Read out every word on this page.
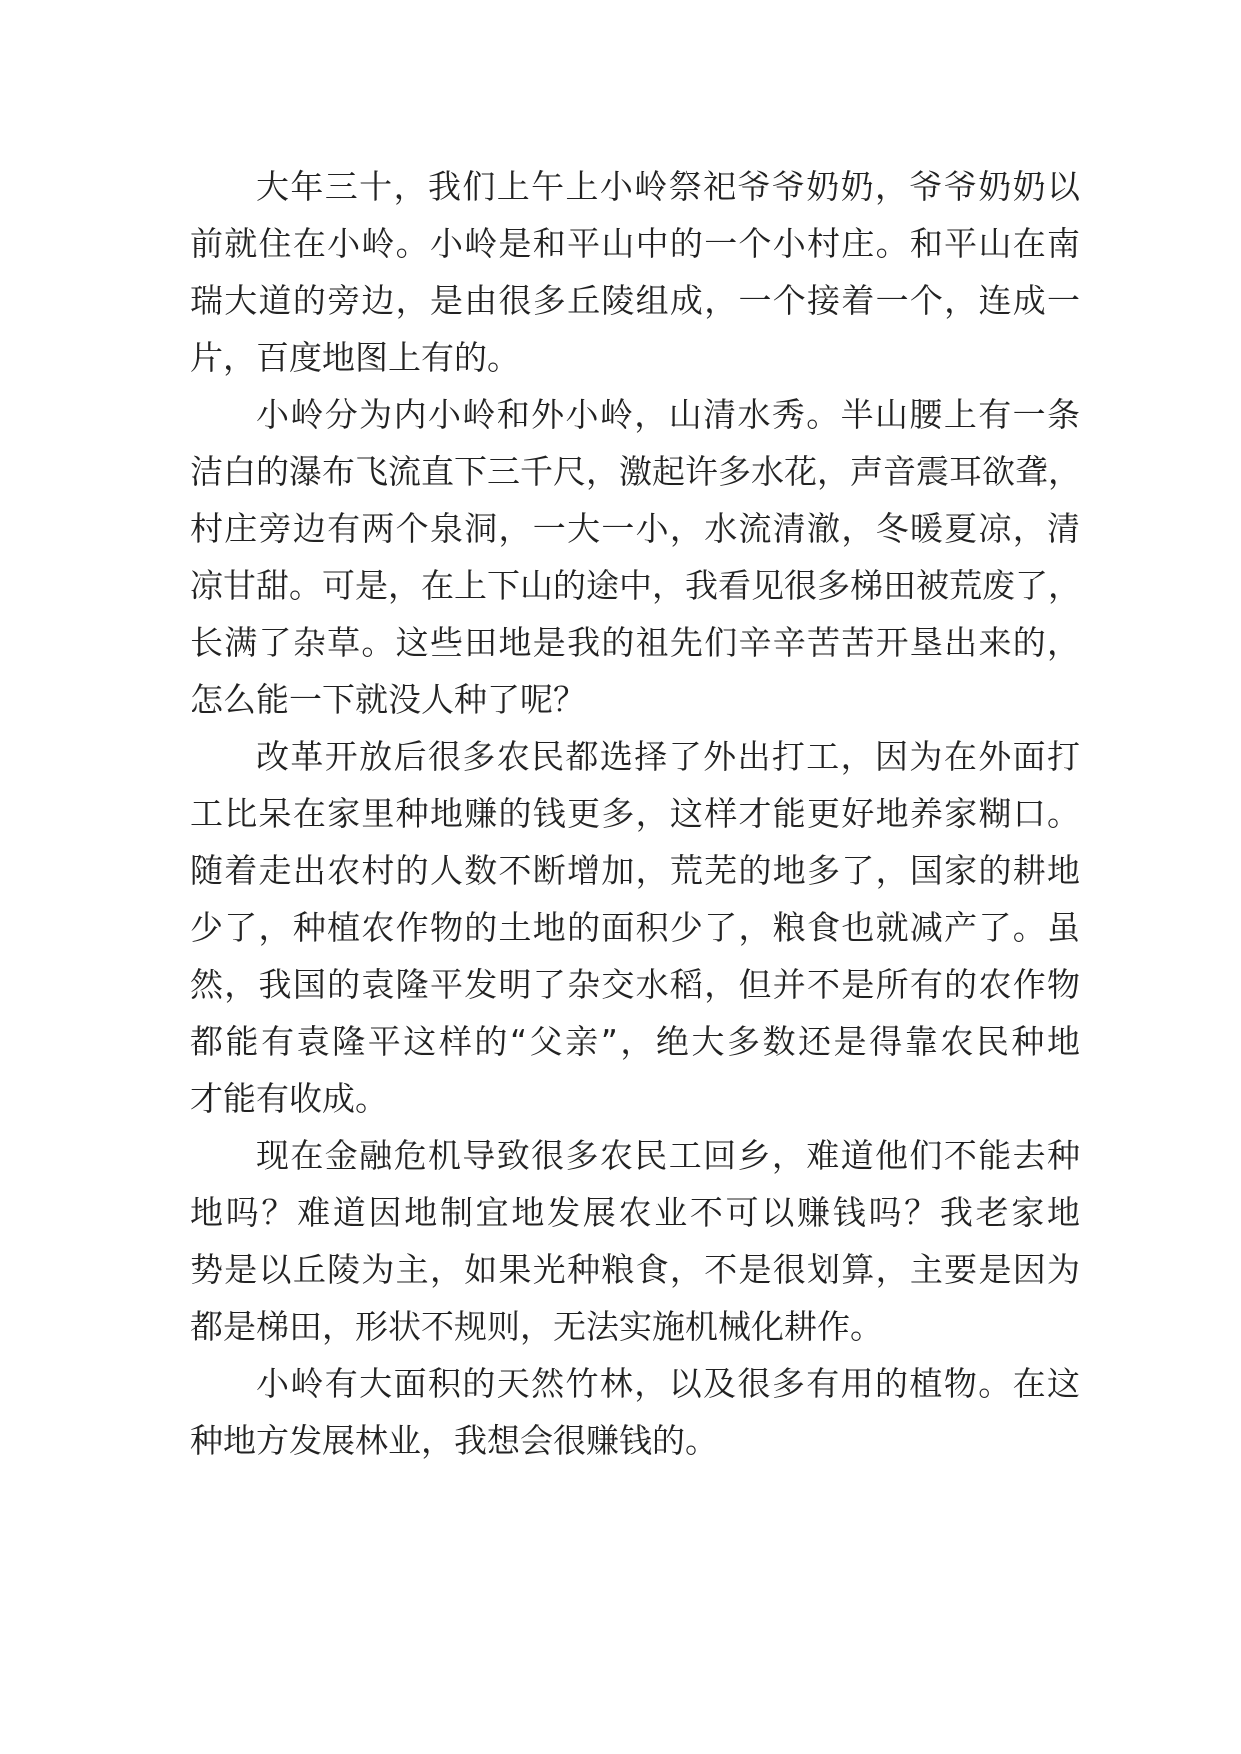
大年三十，我们上午上小岭祭祀爷爷奶奶，爷爷奶奶以
前就住在小岭。小岭是和平山中的一个小村庄。和平山在南
瑞大道的旁边，是由很多丘陵组成，一个接着一个，连成一
片，百度地图上有的。
小岭分为内小岭和外小岭，山清水秀。半山腰上有一条
洁白的瀑布飞流直下三千尺，激起许多水花，声音震耳欲聋，
村庄旁边有两个泉洞，一大一小，水流清澈，冬暖夏凉，清
凉甘甜。可是，在上下山的途中，我看见很多梯田被荒废了，
长满了杂草。这些田地是我的祖先们辛辛苦苦开垦出来的，
怎么能一下就没人种了呢？
改革开放后很多农民都选择了外出打工，因为在外面打
工比呆在家里种地赚的钱更多，这样才能更好地养家糊口。
随着走出农村的人数不断增加，荒芜的地多了，国家的耕地
少了，种植农作物的土地的面积少了，粮食也就减产了。虽
然，我国的袁隆平发明了杂交水稻，但并不是所有的农作物
都能有袁隆平这样的“父亲”，绝大多数还是得靠农民种地
才能有收成。
现在金融危机导致很多农民工回乡，难道他们不能去种
地吗？难道因地制宜地发展农业不可以赚钱吗？我老家地
势是以丘陵为主，如果光种粮食，不是很划算，主要是因为
都是梯田，形状不规则，无法实施机械化耕作。
小岭有大面积的天然竹林，以及很多有用的植物。在这
种地方发展林业，我想会很赚钱的。
